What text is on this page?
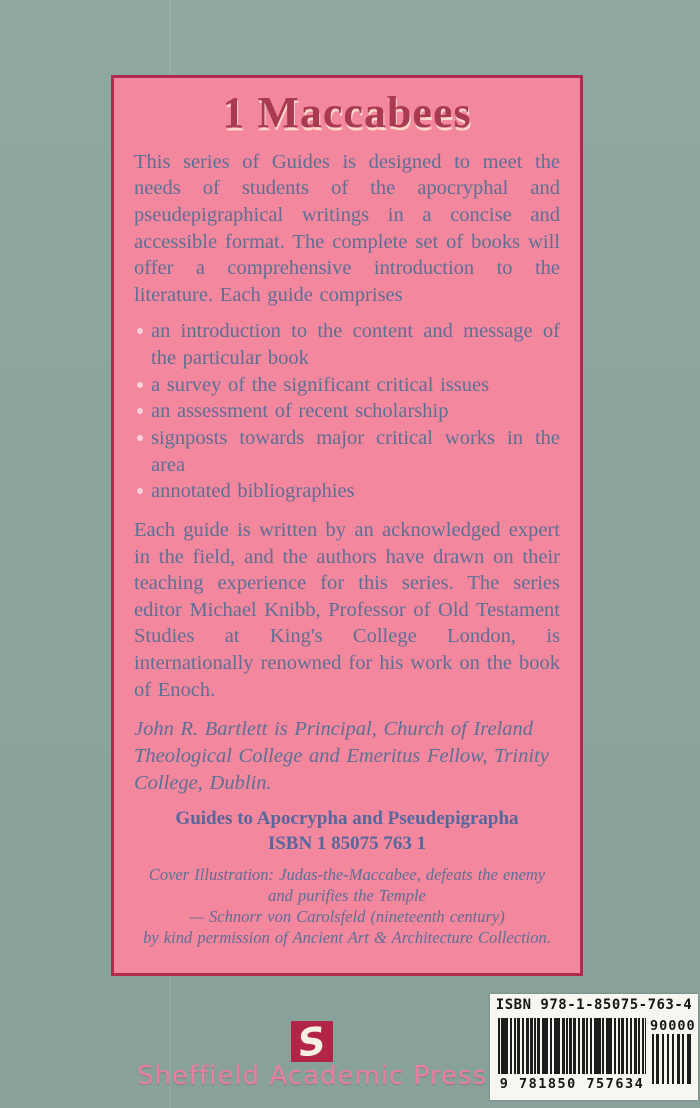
1 Maccabees

This series of Guides is designed to meet the needs of students of the apocryphal and pseudepigraphical writings in a concise and accessible format. The complete set of books will offer a comprehensive introduction to the literature. Each guide comprises

an introduction to the content and message of the particular book
a survey of the significant critical issues
an assessment of recent scholarship
signposts towards major critical works in the area
annotated bibliographies

Each guide is written by an acknowledged expert in the field, and the authors have drawn on their teaching experience for this series. The series editor Michael Knibb, Professor of Old Testament Studies at King's College London, is internationally renowned for his work on the book of Enoch.

John R. Bartlett is Principal, Church of Ireland Theological College and Emeritus Fellow, Trinity College, Dublin.

Guides to Apocrypha and Pseudepigrapha
ISBN 1 85075 763 1
Cover Illustration: Judas-the-Maccabee, defeats the enemy
and purifies the Temple
— Schnorr von Carolsfeld (nineteenth century)
by kind permission of Ancient Art & Architecture Collection.
S
Sheffield Academic Press
ISBN 978-1-85075-763-4
9 781850 757634
90000
